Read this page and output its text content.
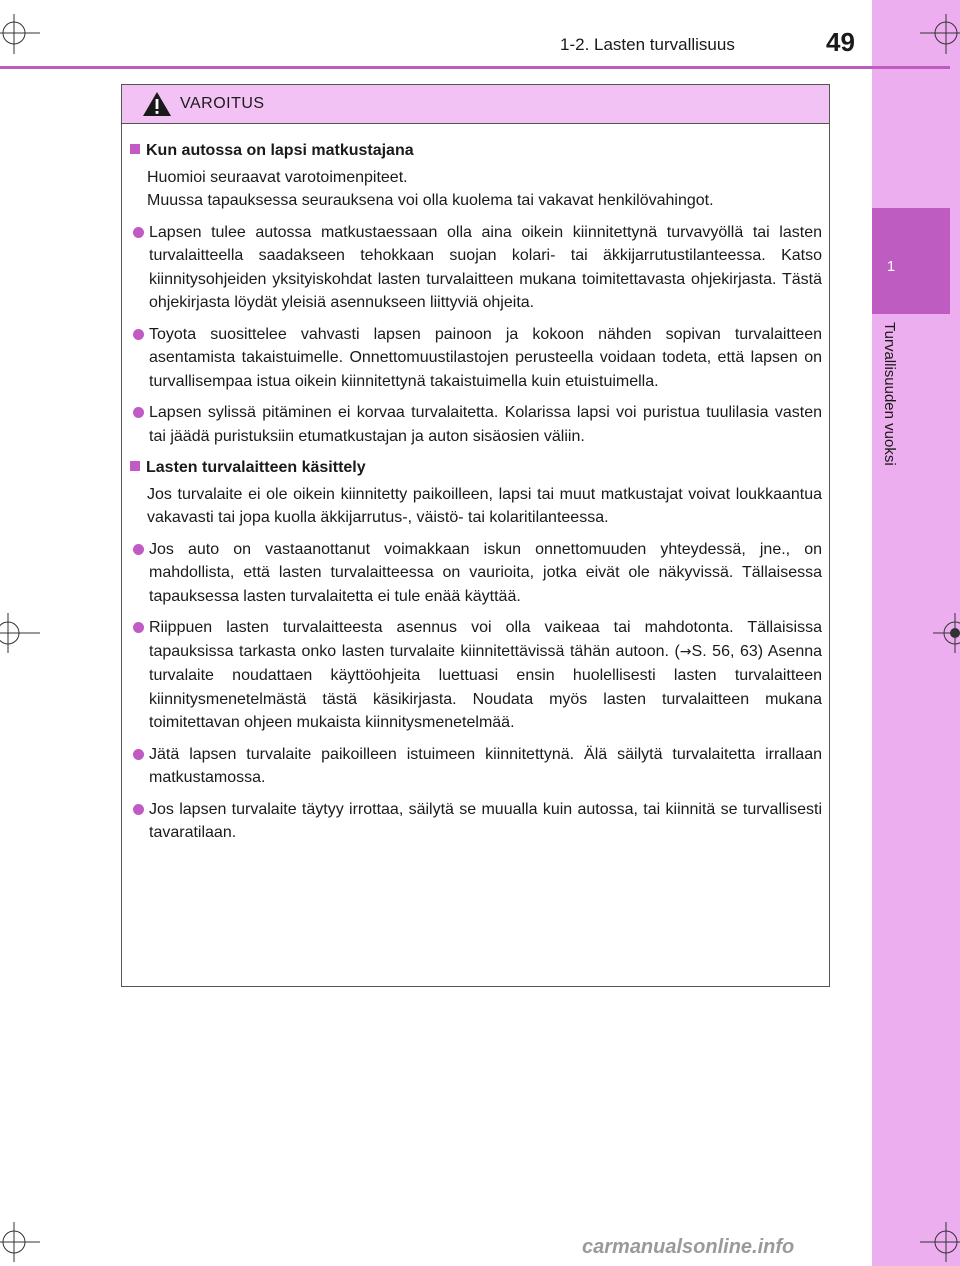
1
Turvallisuuden vuoksi
1-2. Lasten turvallisuus	49
VAROITUS
Kun autossa on lapsi matkustajana

Huomioi seuraavat varotoimenpiteet.

Muussa tapauksessa seurauksena voi olla kuolema tai vakavat henkilövahingot.

Lapsen tulee autossa matkustaessaan olla aina oikein kiinnitettynä turvavyöllä tai lasten turvalaitteella saadakseen tehokkaan suojan kolari- tai äkkijarrutustilanteessa. Katso kiinnitysohjeiden yksityiskohdat lasten turvalaitteen mukana toimitettavasta ohjekirjasta. Tästä ohjekirjasta löydät yleisiä asennukseen liittyviä ohjeita.
Toyota suosittelee vahvasti lapsen painoon ja kokoon nähden sopivan turvalaitteen asentamista takaistuimelle. Onnettomuustilastojen perusteella voidaan todeta, että lapsen on turvallisempaa istua oikein kiinnitettynä takaistuimella kuin etuistuimella.
Lapsen sylissä pitäminen ei korvaa turvalaitetta. Kolarissa lapsi voi puristua tuulilasia vasten tai jäädä puristuksiin etumatkustajan ja auton sisäosien väliin.
Lasten turvalaitteen käsittely

Jos turvalaite ei ole oikein kiinnitetty paikoilleen, lapsi tai muut matkustajat voivat loukkaantua vakavasti tai jopa kuolla äkkijarrutus-, väistö- tai kolaritilanteessa.

Jos auto on vastaanottanut voimakkaan iskun onnettomuuden yhteydessä, jne., on mahdollista, että lasten turvalaitteessa on vaurioita, jotka eivät ole näkyvissä. Tällaisessa tapauksessa lasten turvalaitetta ei tule enää käyttää.
Riippuen lasten turvalaitteesta asennus voi olla vaikeaa tai mahdotonta. Tällaisissa tapauksissa tarkasta onko lasten turvalaite kiinnitettävissä tähän autoon. (→S. 56, 63) Asenna turvalaite noudattaen käyttöohjeita luettuasi ensin huolellisesti lasten turvalaitteen kiinnitysmenetelmästä tästä käsikirjasta. Noudata myös lasten turvalaitteen mukana toimitettavan ohjeen mukaista kiinnitysmenetelmää.
Jätä lapsen turvalaite paikoilleen istuimeen kiinnitettynä. Älä säilytä turvalaitetta irrallaan matkustamossa.
Jos lapsen turvalaite täytyy irrottaa, säilytä se muualla kuin autossa, tai kiinnitä se turvallisesti tavaratilaan.
carmanualsonline.info
